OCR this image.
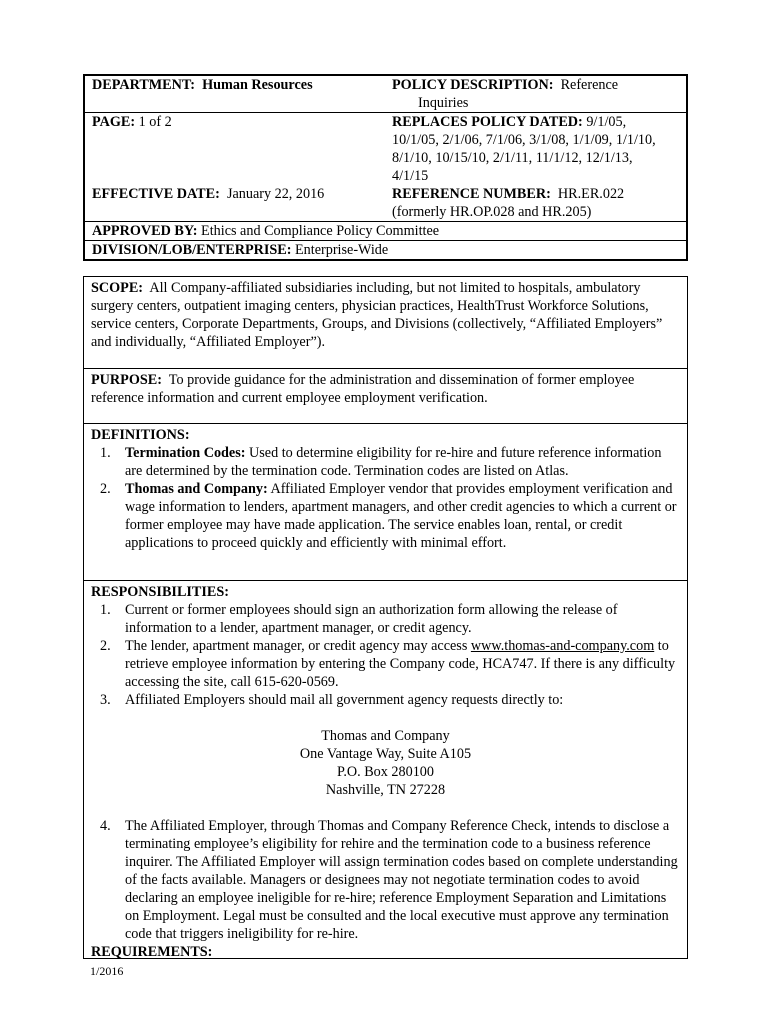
DEPARTMENT: Human Resources	POLICY DESCRIPTION: Reference
Inquiries

PAGE: 1 of 2	REPLACES POLICY DATED: 9/1/05,
10/1/05, 2/1/06, 7/1/06, 3/1/08, 1/1/09, 1/1/10,
8/1/10, 10/15/10, 2/1/11, 11/1/12, 12/1/13,
4/1/15

EFFECTIVE DATE: January 22, 2016	REFERENCE NUMBER: HR.ER.022
(formerly HR.OP.028 and HR.205)

APPROVED BY: Ethics and Compliance Policy Committee	
DIVISION/LOB/ENTERPRISE: Enterprise-Wide	
SCOPE: All Company-affiliated subsidiaries including, but not limited to hospitals, ambulatory surgery centers, outpatient imaging centers, physician practices, HealthTrust Workforce Solutions, service centers, Corporate Departments, Groups, and Divisions (collectively, “Affiliated Employers” and individually, “Affiliated Employer”).
PURPOSE: To provide guidance for the administration and dissemination of former employee reference information and current employee employment verification.
DEFINITIONS:
1. Termination Codes: Used to determine eligibility for re-hire and future reference information are determined by the termination code. Termination codes are listed on Atlas.
2. Thomas and Company: Affiliated Employer vendor that provides employment verification and wage information to lenders, apartment managers, and other credit agencies to which a current or former employee may have made application. The service enables loan, rental, or credit applications to proceed quickly and efficiently with minimal effort.
RESPONSIBILITIES:
1. Current or former employees should sign an authorization form allowing the release of information to a lender, apartment manager, or credit agency.
2. The lender, apartment manager, or credit agency may access www.thomas-and-company.com to retrieve employee information by entering the Company code, HCA747. If there is any difficulty accessing the site, call 615-620-0569.
3. Affiliated Employers should mail all government agency requests directly to:
Thomas and Company
One Vantage Way, Suite A105
P.O. Box 280100
Nashville, TN 27228
4. The Affiliated Employer, through Thomas and Company Reference Check, intends to disclose a terminating employee’s eligibility for rehire and the termination code to a business reference inquirer. The Affiliated Employer will assign termination codes based on complete understanding of the facts available. Managers or designees may not negotiate termination codes to avoid declaring an employee ineligible for re-hire; reference Employment Separation and Limitations on Employment. Legal must be consulted and the local executive must approve any termination code that triggers ineligibility for re-hire.
REQUIREMENTS:
1/2016
